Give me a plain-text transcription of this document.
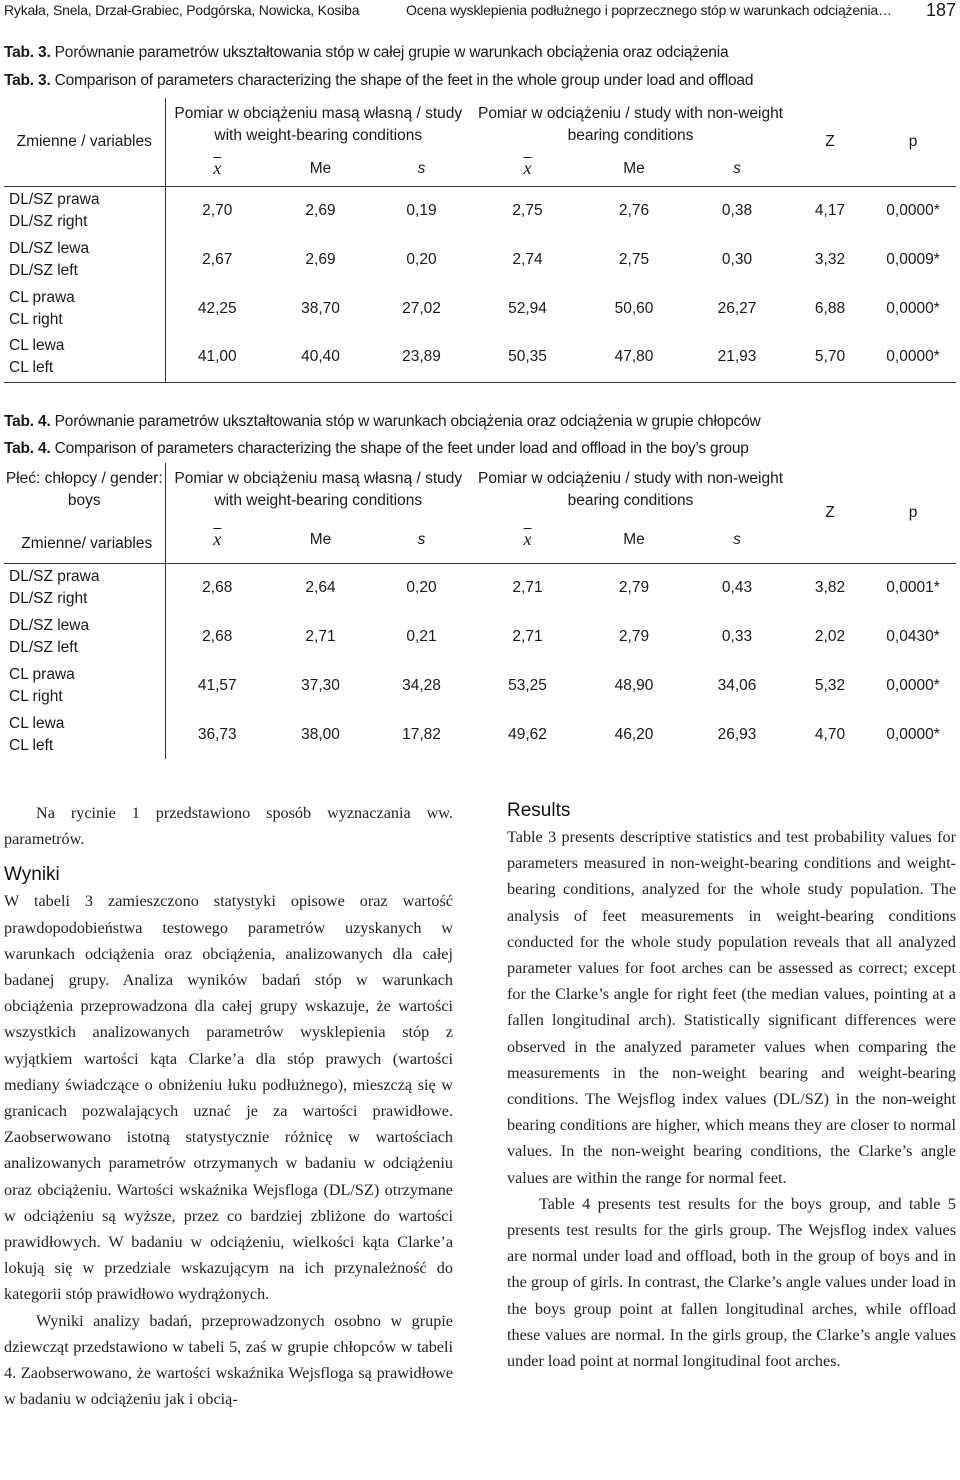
Rykała, Snela, Drzał-Grabiec, Podgórska, Nowicka, Kosiba	Ocena wysklepienia podłużnego i poprzecznego stóp w warunkach odciążenia… 187
Tab. 3. Porównanie parametrów ukształtowania stóp w całej grupie w warunkach obciążenia oraz odciążenia
Tab. 3. Comparison of parameters characterizing the shape of the feet in the whole group under load and offload
Zmienne / variables	Pomiar w obciążeniu masą własną / study with weight-bearing conditions			Pomiar w odciążeniu / study with non-weight bearing conditions			Z	p
	$\overline{x}$	Me	s	$\overline{x}$	Me	s		

DL/SZ prawa
DL/SZ right	2,70	2,69	0,19	2,75	2,76	0,38	4,17	0,0000*

DL/SZ lewa
DL/SZ left	2,67	2,69	0,20	2,74	2,75	0,30	3,32	0,0009*

CL prawa
CL right	42,25	38,70	27,02	52,94	50,60	26,27	6,88	0,0000*

CL lewa
CL left	41,00	40,40	23,89	50,35	47,80	21,93	5,70	0,0000*
Tab. 4. Porównanie parametrów ukształtowania stóp w warunkach obciążenia oraz odciążenia w grupie chłopców
Tab. 4. Comparison of parameters characterizing the shape of the feet under load and offload in the boy’s group
Płeć: chłopcy / gender: boys	Pomiar w obciążeniu masą własną / study with weight-bearing conditions			Pomiar w odciążeniu / study with non-weight bearing conditions			Z	p
Zmienne/ variables	$\overline{x}$	Me	s	$\overline{x}$	Me	s		

DL/SZ prawa
DL/SZ right	2,68	2,64	0,20	2,71	2,79	0,43	3,82	0,0001*

DL/SZ lewa
DL/SZ left	2,68	2,71	0,21	2,71	2,79	0,33	2,02	0,0430*

CL prawa
CL right	41,57	37,30	34,28	53,25	48,90	34,06	5,32	0,0000*

CL lewa
CL left	36,73	38,00	17,82	49,62	46,20	26,93	4,70	0,0000*

Na rycinie 1 przedstawiono sposób wyznaczania ww. parametrów.

Wyniki

W tabeli 3 zamieszczono statystyki opisowe oraz wartość prawdopodobieństwa testowego parametrów uzyskanych w warunkach odciążenia oraz obciążenia, analizowanych dla całej badanej grupy. Analiza wyników badań stóp w warunkach obciążenia przeprowadzona dla całej grupy wskazuje, że wartości wszystkich analizowanych parametrów wysklepienia stóp z wyjątkiem wartości kąta Clarke’a dla stóp prawych (wartości mediany świadczące o obniżeniu łuku podłużnego), mieszczą się w granicach pozwalających uznać je za wartości prawidłowe. Zaobserwowano istotną statystycznie różnicę w wartościach analizowanych parametrów otrzymanych w badaniu w odciążeniu oraz obciążeniu. Wartości wskaźnika Wejsfloga (DL/SZ) otrzymane w odciążeniu są wyższe, przez co bardziej zbliżone do wartości prawidłowych. W badaniu w odciążeniu, wielkości kąta Clarke’a lokują się w przedziale wskazującym na ich przynależność do kategorii stóp prawidłowo wydrążonych.

Wyniki analizy badań, przeprowadzonych osobno w grupie dziewcząt przedstawiono w tabeli 5, zaś w grupie chłopców w tabeli 4. Zaobserwowano, że wartości wskaźnika Wejsfloga są prawidłowe w badaniu w odciążeniu jak i obcią-

Results

Table 3 presents descriptive statistics and test probability values for parameters measured in non-weight-bearing conditions and weight-bearing conditions, analyzed for the whole study population. The analysis of feet measurements in weight-bearing conditions conducted for the whole study population reveals that all analyzed parameter values for foot arches can be assessed as correct; except for the Clarke’s angle for right feet (the median values, pointing at a fallen longitudinal arch). Statistically significant differences were observed in the analyzed parameter values when comparing the measurements in the non-weight bearing and weight-bearing conditions. The Wejsflog index values (DL/SZ) in the non-weight bearing conditions are higher, which means they are closer to normal values. In the non-weight bearing conditions, the Clarke’s angle values are within the range for normal feet.

Table 4 presents test results for the boys group, and table 5 presents test results for the girls group. The Wejsflog index values are normal under load and offload, both in the group of boys and in the group of girls. In contrast, the Clarke’s angle values under load in the boys group point at fallen longitudinal arches, while offload these values are normal. In the girls group, the Clarke’s angle values under load point at normal longitudinal foot arches.
